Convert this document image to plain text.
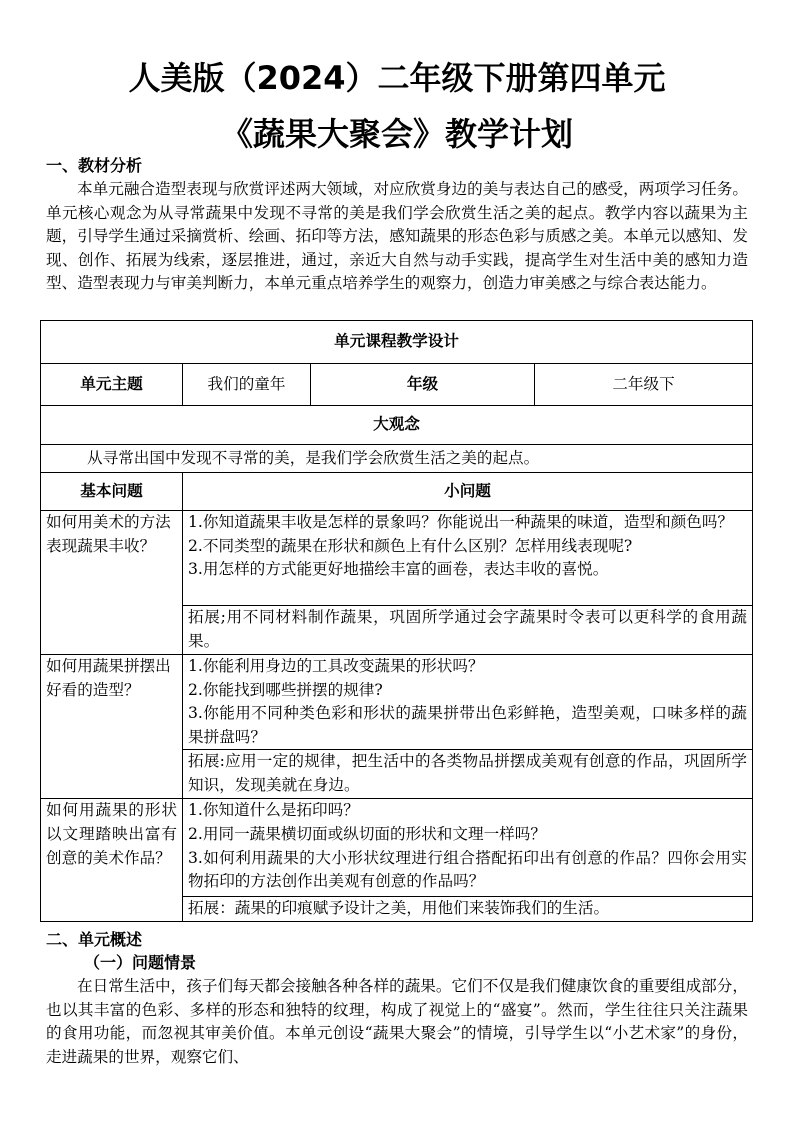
人美版（2024）二年级下册第四单元
《蔬果大聚会》教学计划
一、教材分析
本单元融合造型表现与欣赏评述两大领域，对应欣赏身边的美与表达自己的感受，两项学习任务。单元核心观念为从寻常蔬果中发现不寻常的美是我们学会欣赏生活之美的起点。教学内容以蔬果为主题，引导学生通过采摘赏析、绘画、拓印等方法，感知蔬果的形态色彩与质感之美。本单元以感知、发现、创作、拓展为线索，逐层推进，通过，亲近大自然与动手实践，提高学生对生活中美的感知力造型、造型表现力与审美判断力，本单元重点培养学生的观察力，创造力审美感之与综合表达能力。
单元课程教学设计			
单元主题	我们的童年	年级	二年级下
大观念			
从寻常出国中发现不寻常的美，是我们学会欣赏生活之美的起点。			
基本问题	小问题		
如何用美术的方法表现蔬果丰收？	1.你知道蔬果丰收是怎样的景象吗？你能说出一种蔬果的味道，造型和颜色吗？
2.不同类型的蔬果在形状和颜色上有什么区别？怎样用线表现呢?
3.用怎样的方式能更好地描绘丰富的画卷，表达丰收的喜悦。		

	拓展;用不同材料制作蔬果，巩固所学通过会字蔬果时令表可以更科学的食用蔬果。		
如何用蔬果拼摆出好看的造型？	1.你能利用身边的工具改变蔬果的形状吗？
2.你能找到哪些拼摆的规律?
3.你能用不同种类色彩和形状的蔬果拼带出色彩鲜艳，造型美观，口味多样的蔬果拼盘吗？		

	拓展:应用一定的规律，把生活中的各类物品拼摆成美观有创意的作品，巩固所学知识，发现美就在身边。		
如何用蔬果的形状以文理踏映出富有创意的美术作品？	1.你知道什么是拓印吗？
2.用同一蔬果横切面或纵切面的形状和文理一样吗？
3.如何利用蔬果的大小形状纹理进行组合搭配拓印出有创意的作品？四你会用实物拓印的方法创作出美观有创意的作品吗？		

	拓展：蔬果的印痕赋予设计之美，用他们来装饰我们的生活。		
二、单元概述
（一）问题情景
在日常生活中，孩子们每天都会接触各种各样的蔬果。它们不仅是我们健康饮食的重要组成部分，也以其丰富的色彩、多样的形态和独特的纹理，构成了视觉上的“盛宴”。然而，学生往往只关注蔬果的食用功能，而忽视其审美价值。本单元创设“蔬果大聚会”的情境，引导学生以“小艺术家”的身份，走进蔬果的世界，观察它们、
